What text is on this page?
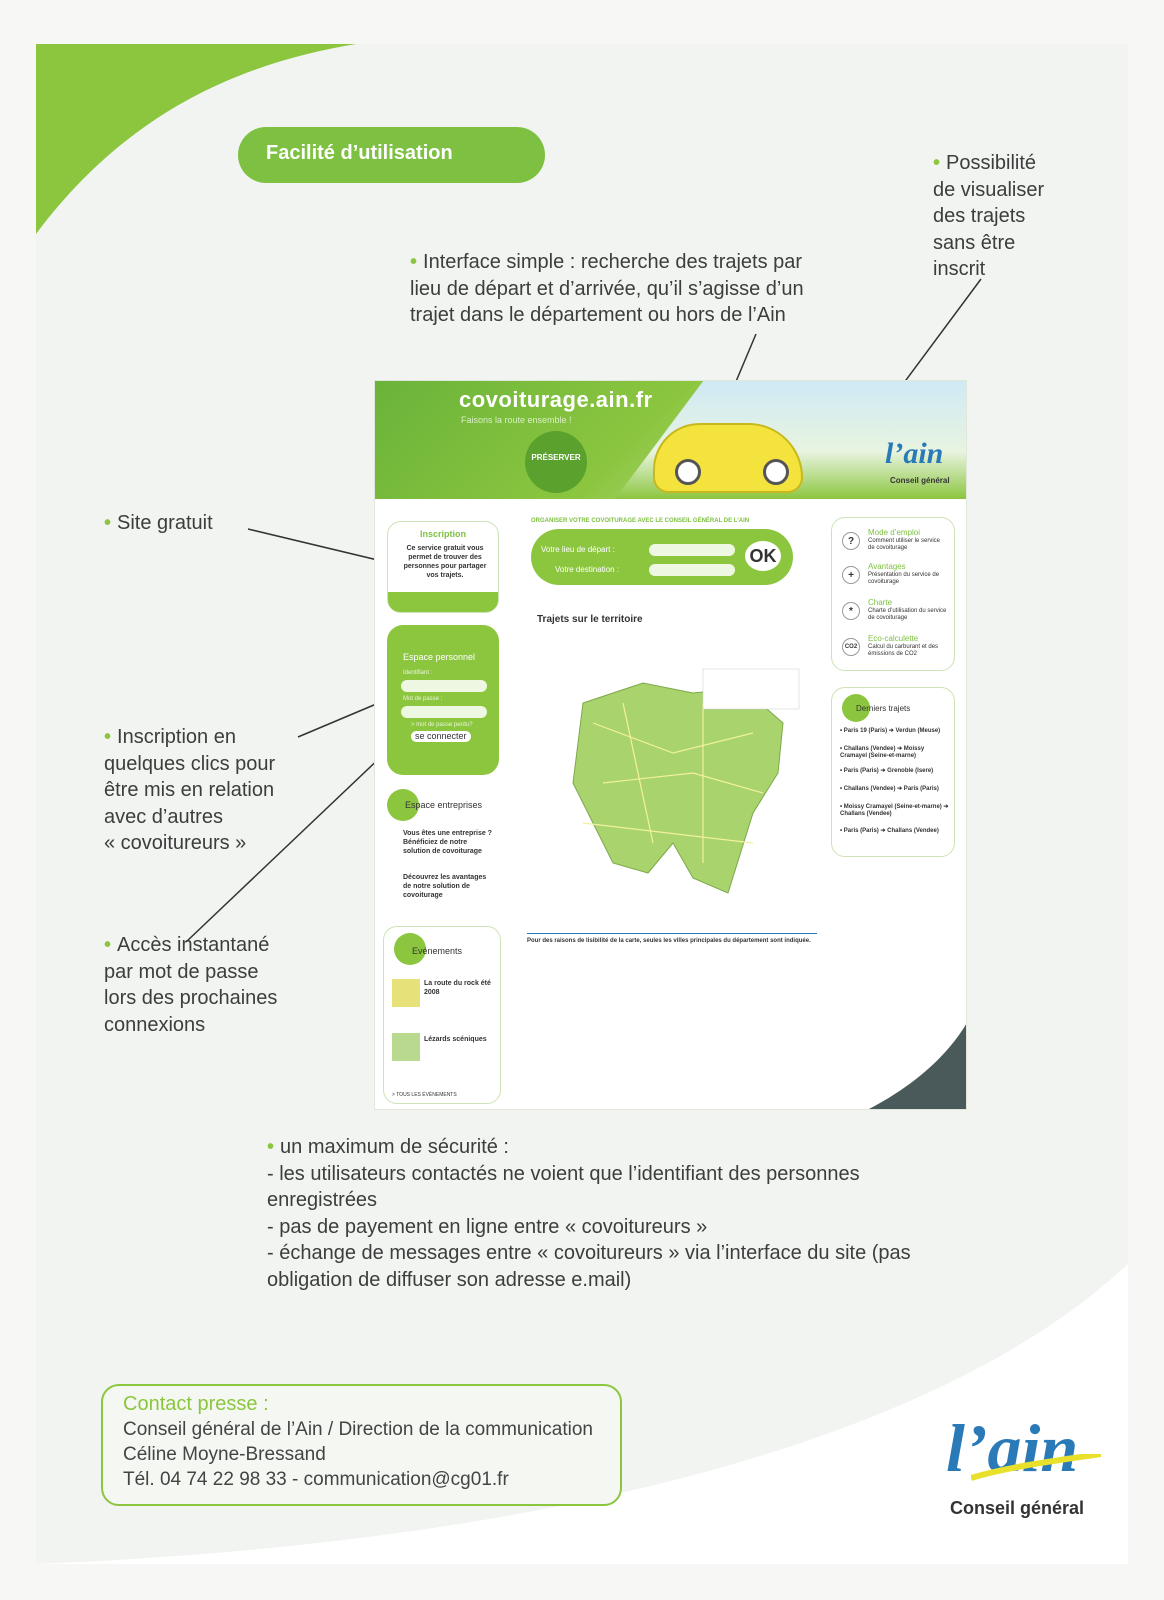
Facilité d’utilisation	• Possibilité
de visualiser
des trajets
sans être
inscrit
• Interface simple : recherche des trajets par
lieu de départ et d’arrivée, qu’il s’agisse d’un
trajet dans le département ou hors de l’Ain
• Site gratuit
• Inscription en
quelques clics pour
être mis en relation
avec d’autres
« covoitureurs »
• Accès instantané
par mot de passe
lors des prochaines
connexions
covoiturage.ain.fr
Faisons la route ensemble !
PRÉSERVER	l’ain
Conseil général
Inscription
Ce service gratuit vous permet de trouver des personnes pour partager vos trajets.
Espace personnel
Identifiant :
Mot de passe :
> mot de passe perdu?
se connecter
Espace entreprises
Vous êtes une entreprise ? Bénéficiez de notre solution de covoiturage
Découvrez les avantages de notre solution de covoiturage
Evénements
La route du rock été 2008
Lézards scéniques
> TOUS LES ÉVÉNEMENTS
ORGANISER VOTRE COVOITURAGE AVEC LE CONSEIL GÉNÉRAL DE L’AIN
Votre lieu de départ :
Votre destination :
OK
Trajets sur le territoire
Pour des raisons de lisibilité de la carte, seules les villes principales du département sont indiquée.
?
Mode d’emploi
Comment utiliser le service de covoiturage
+
Avantages
Présentation du service de covoiturage
*
Charte
Charte d’utilisation du service de covoiturage
CO2
Eco-calculette
Calcul du carburant et des émissions de CO2
Derniers trajets
• Paris 19 (Paris) ➔ Verdun (Meuse)
• Challans (Vendee) ➔ Moissy Cramayel (Seine-et-marne)
• Paris (Paris) ➔ Grenoble (Isere)
• Challans (Vendee) ➔ Paris (Paris)
• Moissy Cramayel (Seine-et-marne) ➔ Challans (Vendee)
• Paris (Paris) ➔ Challans (Vendee)
• un maximum de sécurité :
- les utilisateurs contactés ne voient que l’identifiant des personnes enregistrées
- pas de payement en ligne entre « covoitureurs »
- échange de messages entre « covoitureurs » via l’interface du site (pas obligation de diffuser son adresse e.mail)
Contact presse :
Conseil général de l’Ain / Direction de la communication
Céline Moyne-Bressand
Tél. 04 74 22 98 33 - communication@cg01.fr	l’ain
Conseil général
